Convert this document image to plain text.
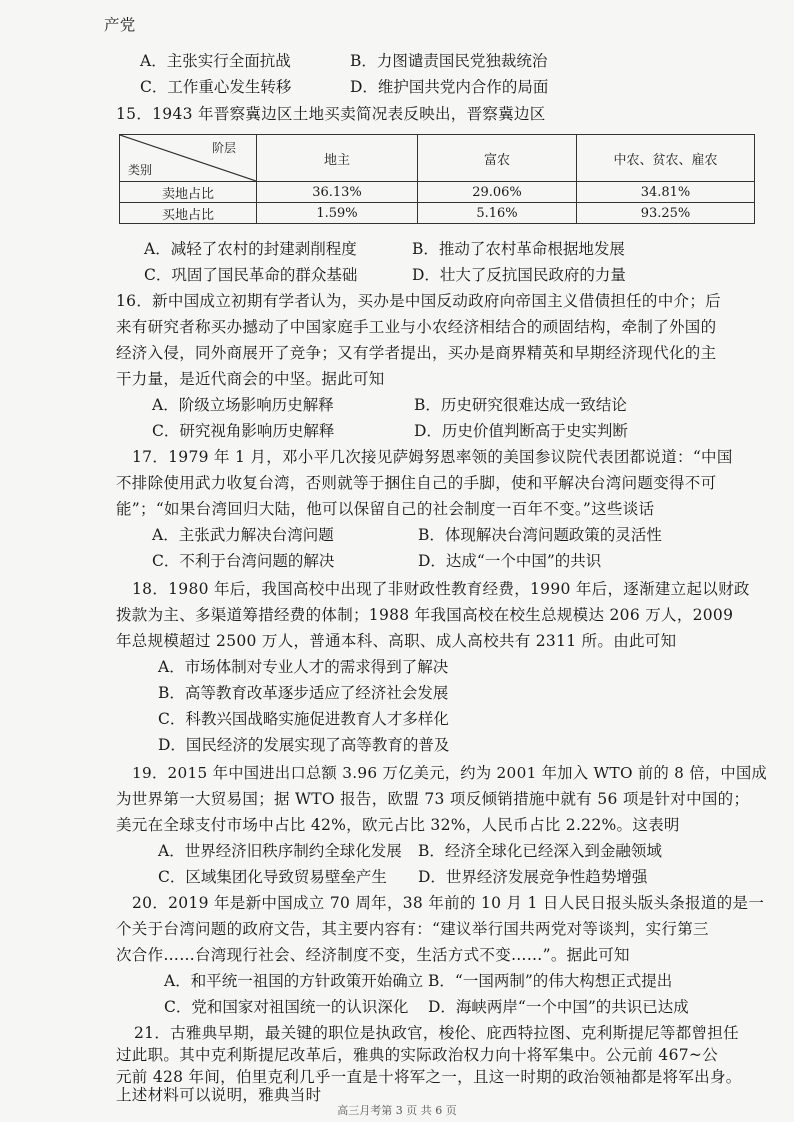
产党
A．主张实行全面抗战	B．力图谴责国民党独裁统治
C．工作重心发生转移	D．维护国共党内合作的局面
15．1943 年晋察冀边区土地买卖简况表反映出，晋察冀边区
阶层
类别	地主	富农	中农、贫农、雇农
卖地占比	36.13%	29.06%	34.81%
买地占比	1.59%	5.16%	93.25%
A．减轻了农村的封建剥削程度	B．推动了农村革命根据地发展
C．巩固了国民革命的群众基础	D．壮大了反抗国民政府的力量
16．新中国成立初期有学者认为，买办是中国反动政府向帝国主义借债担任的中介；后
来有研究者称买办撼动了中国家庭手工业与小农经济相结合的顽固结构，牵制了外国的
经济入侵，同外商展开了竞争；又有学者提出，买办是商界精英和早期经济现代化的主
干力量，是近代商会的中坚。据此可知
A．阶级立场影响历史解释	B．历史研究很难达成一致结论
C．研究视角影响历史解释	D．历史价值判断高于史实判断
17．1979 年 1 月，邓小平几次接见萨姆努恩率领的美国参议院代表团都说道：“中国
不排除使用武力收复台湾，否则就等于捆住自己的手脚，使和平解决台湾问题变得不可
能”；“如果台湾回归大陆，他可以保留自己的社会制度一百年不变。”这些谈话
A．主张武力解决台湾问题	B．体现解决台湾问题政策的灵活性
C．不利于台湾问题的解决	D．达成“一个中国”的共识
18．1980 年后，我国高校中出现了非财政性教育经费，1990 年后，逐渐建立起以财政
拨款为主、多渠道筹措经费的体制；1988 年我国高校在校生总规模达 206 万人，2009
年总规模超过 2500 万人，普通本科、高职、成人高校共有 2311 所。由此可知
A．市场体制对专业人才的需求得到了解决
B．高等教育改革逐步适应了经济社会发展
C．科教兴国战略实施促进教育人才多样化
D．国民经济的发展实现了高等教育的普及
19．2015 年中国进出口总额 3.96 万亿美元，约为 2001 年加入 WTO 前的 8 倍，中国成
为世界第一大贸易国；据 WTO 报告，欧盟 73 项反倾销措施中就有 56 项是针对中国的；
美元在全球支付市场中占比 42%，欧元占比 32%，人民币占比 2.22%。这表明
A．世界经济旧秩序制约全球化发展 B．经济全球化已经深入到金融领域
C．区域集团化导致贸易壁垒产生 D．世界经济发展竞争性趋势增强
20．2019 年是新中国成立 70 周年，38 年前的 10 月 1 日人民日报头版头条报道的是一
个关于台湾问题的政府文告，其主要内容有：“建议举行国共两党对等谈判，实行第三
次合作……台湾现行社会、经济制度不变，生活方式不变……”。据此可知
A．和平统一祖国的方针政策开始确立 B．“一国两制”的伟大构想正式提出
C．党和国家对祖国统一的认识深化 D．海峡两岸“一个中国”的共识已达成
21．古雅典早期，最关键的职位是执政官，梭伦、庇西特拉图、克利斯提尼等都曾担任
过此职。其中克利斯提尼改革后，雅典的实际政治权力向十将军集中。公元前 467~公
元前 428 年间，伯里克利几乎一直是十将军之一，且这一时期的政治领袖都是将军出身。
上述材料可以说明，雅典当时
高三月考第 3 页 共 6 页
